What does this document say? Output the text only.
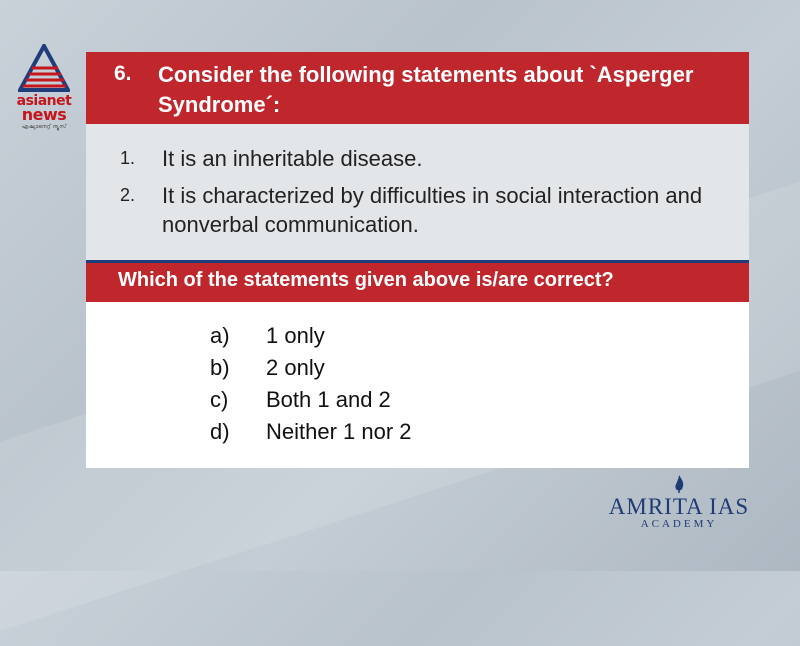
asianet
news
ഏഷ്യാനെറ്റ് ന്യൂസ്
6. Consider the following statements about `Asperger Syndrome´:
1. It is an inheritable disease.
2. It is characterized by difficulties in social interaction and nonverbal communication.
Which of the statements given above is/are correct?
a) 1 only
b) 2 only
c) Both 1 and 2
d) Neither 1 nor 2
AMRITA IAS
ACADEMY
